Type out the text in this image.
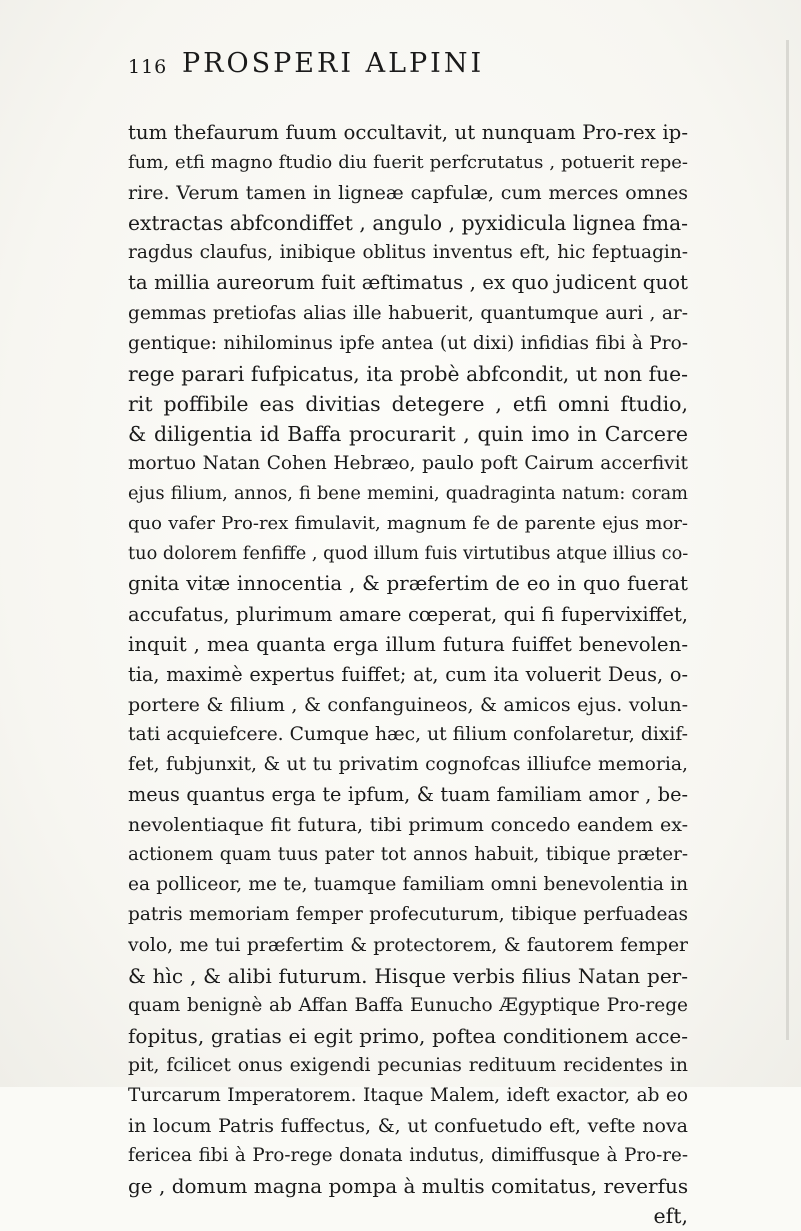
116 PROSPERI ALPINI
tum thefaurum fuum occultavit, ut nunquam Pro-rex ip-
fum, etfi magno ftudio diu fuerit perfcrutatus , potuerit repe-
rire. Verum tamen in ligneæ capfulæ, cum merces omnes
extractas abfcondiffet , angulo , pyxidicula lignea fma-
ragdus claufus, inibique oblitus inventus eft, hic feptuagin-
ta millia aureorum fuit æftimatus , ex quo judicent quot
gemmas pretiofas alias ille habuerit, quantumque auri , ar-
gentique: nihilominus ipfe antea (ut dixi) infidias fibi à Pro-
rege parari fufpicatus, ita probè abfcondit, ut non fue-
rit poffibile eas divitias detegere , etfi omni ftudio,
& diligentia id Baffa procurarit , quin imo in Carcere
mortuo Natan Cohen Hebræo, paulo poft Cairum accerfivit
ejus filium, annos, fi bene memini, quadraginta natum: coram
quo vafer Pro-rex fimulavit, magnum fe de parente ejus mor-
tuo dolorem fenfiffe , quod illum fuis virtutibus atque illius co-
gnita vitæ innocentia , & præfertim de eo in quo fuerat
accufatus, plurimum amare cœperat, qui fi fupervixiffet,
inquit , mea quanta erga illum futura fuiffet benevolen-
tia, maximè expertus fuiffet; at, cum ita voluerit Deus, o-
portere & filium , & confanguineos, & amicos ejus. volun-
tati acquiefcere. Cumque hæc, ut filium confolaretur, dixif-
fet, fubjunxit, & ut tu privatim cognofcas illiufce memoria,
meus quantus erga te ipfum, & tuam familiam amor , be-
nevolentiaque fit futura, tibi primum concedo eandem ex-
actionem quam tuus pater tot annos habuit, tibique præter-
ea polliceor, me te, tuamque familiam omni benevolentia in
patris memoriam femper profecuturum, tibique perfuadeas
volo, me tui præfertim & protectorem, & fautorem femper
& hìc , & alibi futurum. Hisque verbis filius Natan per-
quam benignè ab Affan Baffa Eunucho Ægyptique Pro-rege
fopitus, gratias ei egit primo, poftea conditionem acce-
pit, fcilicet onus exigendi pecunias redituum recidentes in
Turcarum Imperatorem. Itaque Malem, ideft exactor, ab eo
in locum Patris fuffectus, &, ut confuetudo eft, vefte nova
fericea fibi à Pro-rege donata indutus, dimiffusque à Pro-re-
ge , domum magna pompa à multis comitatus, reverfus
eft,
